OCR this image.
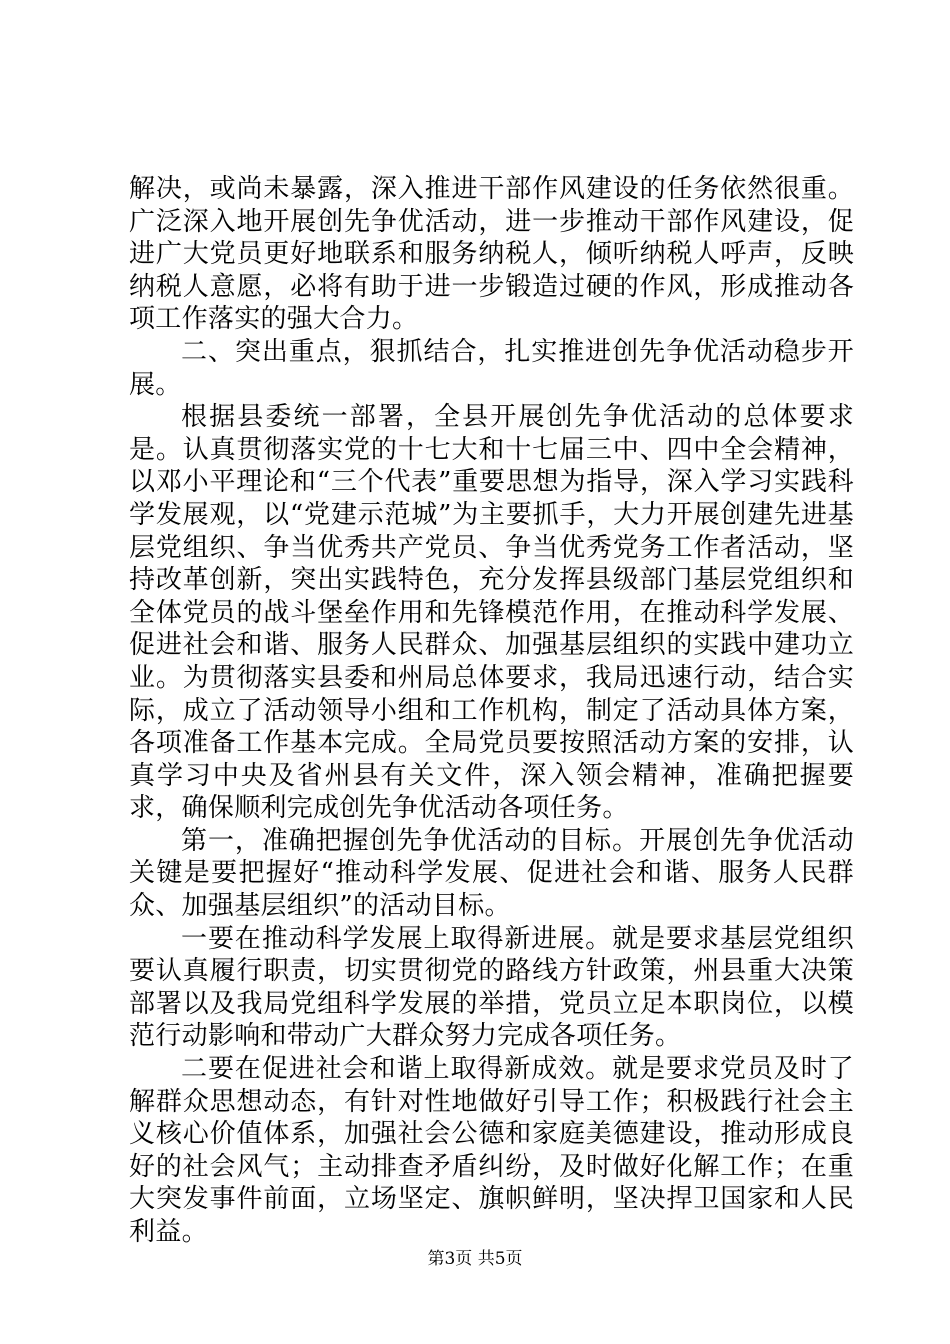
解决，或尚未暴露，深入推进干部作风建设的任务依然很重。广泛深入地开展创先争优活动，进一步推动干部作风建设，促进广大党员更好地联系和服务纳税人，倾听纳税人呼声，反映纳税人意愿，必将有助于进一步锻造过硬的作风，形成推动各项工作落实的强大合力。

二、突出重点，狠抓结合，扎实推进创先争优活动稳步开展。

根据县委统一部署，全县开展创先争优活动的总体要求是。认真贯彻落实党的十七大和十七届三中、四中全会精神，以邓小平理论和“三个代表”重要思想为指导，深入学习实践科学发展观，以“党建示范城”为主要抓手，大力开展创建先进基层党组织、争当优秀共产党员、争当优秀党务工作者活动，坚持改革创新，突出实践特色，充分发挥县级部门基层党组织和全体党员的战斗堡垒作用和先锋模范作用，在推动科学发展、促进社会和谐、服务人民群众、加强基层组织的实践中建功立业。为贯彻落实县委和州局总体要求，我局迅速行动，结合实际，成立了活动领导小组和工作机构，制定了活动具体方案，各项准备工作基本完成。全局党员要按照活动方案的安排，认真学习中央及省州县有关文件，深入领会精神，准确把握要求，确保顺利完成创先争优活动各项任务。

第一，准确把握创先争优活动的目标。开展创先争优活动关键是要把握好“推动科学发展、促进社会和谐、服务人民群众、加强基层组织”的活动目标。

一要在推动科学发展上取得新进展。就是要求基层党组织要认真履行职责，切实贯彻党的路线方针政策，州县重大决策部署以及我局党组科学发展的举措，党员立足本职岗位，以模范行动影响和带动广大群众努力完成各项任务。

二要在促进社会和谐上取得新成效。就是要求党员及时了解群众思想动态，有针对性地做好引导工作；积极践行社会主义核心价值体系，加强社会公德和家庭美德建设，推动形成良好的社会风气；主动排查矛盾纠纷，及时做好化解工作；在重大突发事件前面，立场坚定、旗帜鲜明，坚决捍卫国家和人民利益。

第3页 共5页
